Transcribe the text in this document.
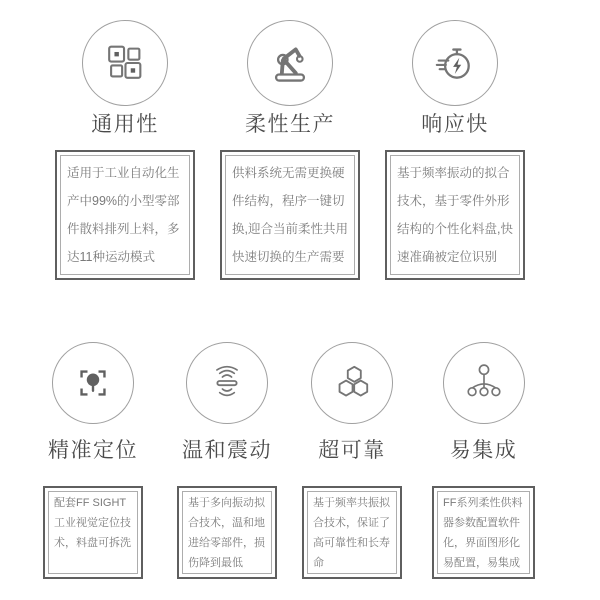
通用性
适用于工业自动化生产中99%的小型零部件散料排列上料，多达11种运动模式
柔性生产
供料系统无需更换硬件结构，程序一键切换,迎合当前柔性共用快速切换的生产需要
响应快
基于频率振动的拟合技术，基于零件外形结构的个性化料盘,快速准确被定位识别
精准定位
配套FF SIGHT工业视觉定位技术，料盘可拆洗
温和震动
基于多向振动拟合技术，温和地进给零部件，损伤降到最低
超可靠
基于频率共振拟合技术，保证了高可靠性和长寿命
易集成
FF系列柔性供料器参数配置软件化，界面图形化易配置，易集成
